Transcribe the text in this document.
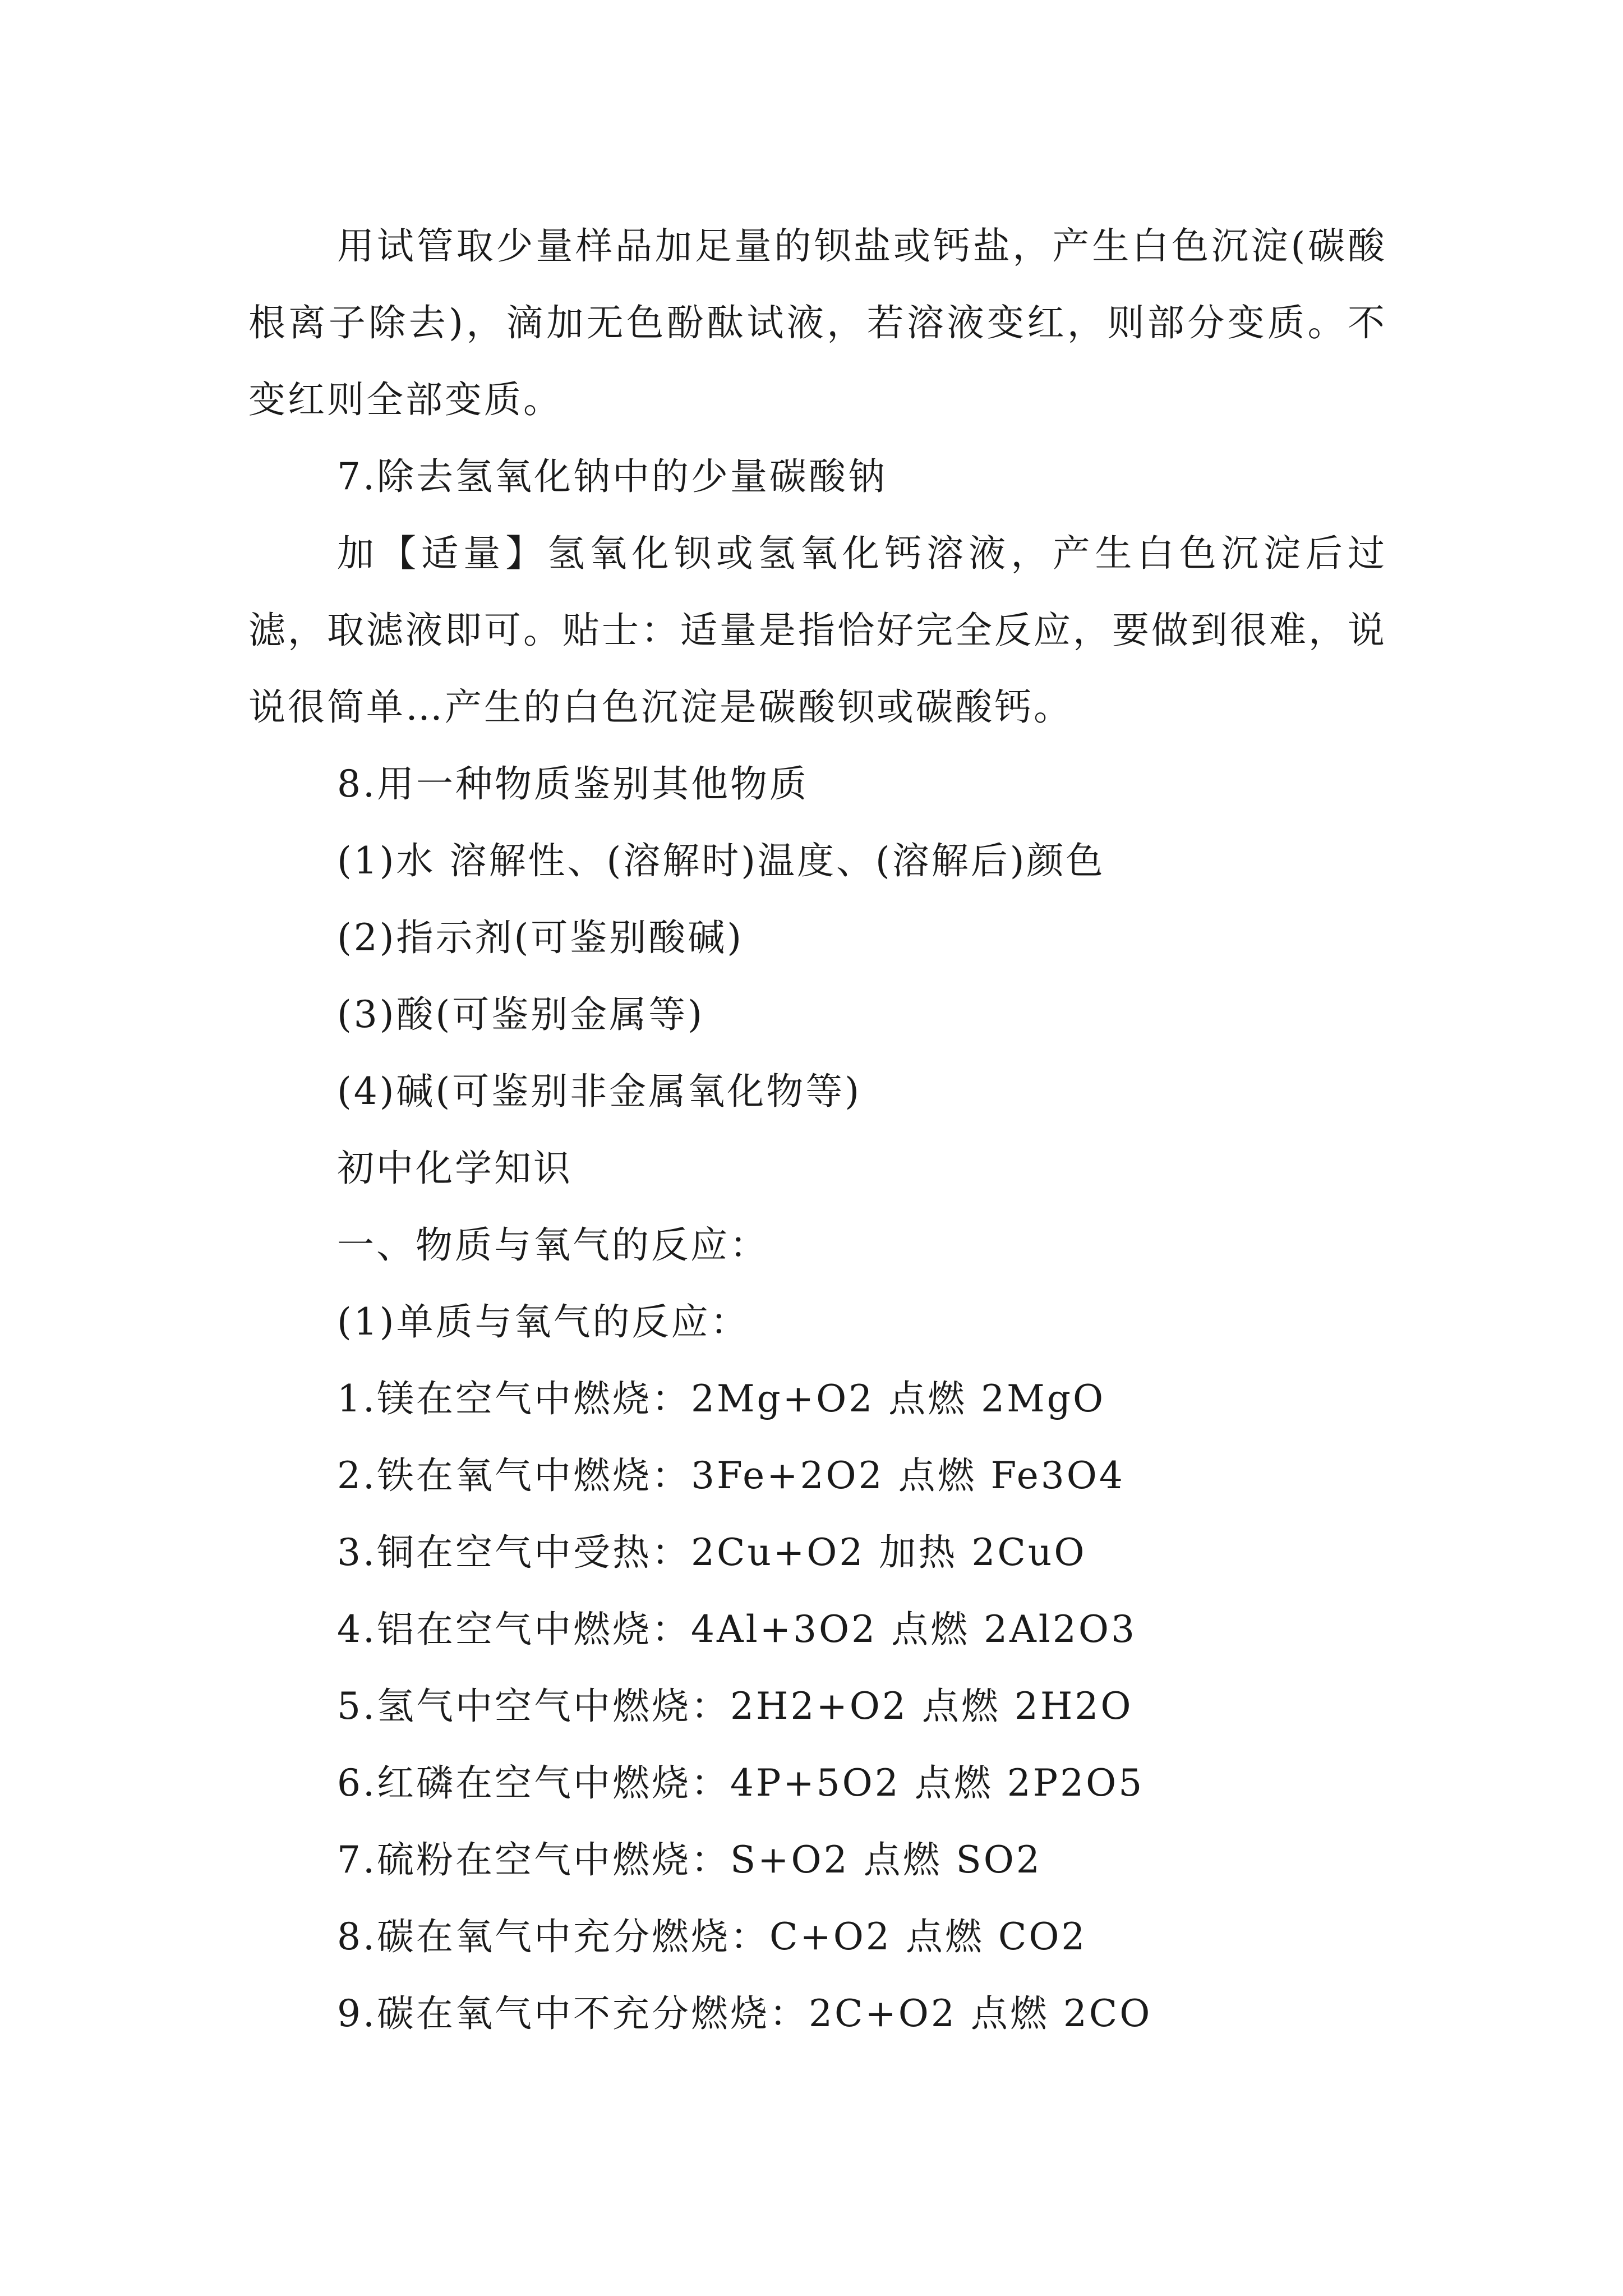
用试管取少量样品加足量的钡盐或钙盐，产生白色沉淀(碳酸根离子除去)，滴加无色酚酞试液，若溶液变红，则部分变质。不变红则全部变质。

7.除去氢氧化钠中的少量碳酸钠

加【适量】氢氧化钡或氢氧化钙溶液，产生白色沉淀后过滤，取滤液即可。贴士：适量是指恰好完全反应，要做到很难，说说很简单…产生的白色沉淀是碳酸钡或碳酸钙。

8.用一种物质鉴别其他物质

(1)水 溶解性、(溶解时)温度、(溶解后)颜色

(2)指示剂(可鉴别酸碱)

(3)酸(可鉴别金属等)

(4)碱(可鉴别非金属氧化物等)

初中化学知识

一、物质与氧气的反应：

(1)单质与氧气的反应：

1.镁在空气中燃烧：2Mg+O2 点燃 2MgO

2.铁在氧气中燃烧：3Fe+2O2 点燃 Fe3O4

3.铜在空气中受热：2Cu+O2 加热 2CuO

4.铝在空气中燃烧：4Al+3O2 点燃 2Al2O3

5.氢气中空气中燃烧：2H2+O2 点燃 2H2O

6.红磷在空气中燃烧：4P+5O2 点燃 2P2O5

7.硫粉在空气中燃烧：S+O2 点燃 SO2

8.碳在氧气中充分燃烧：C+O2 点燃 CO2

9.碳在氧气中不充分燃烧：2C+O2 点燃 2CO
